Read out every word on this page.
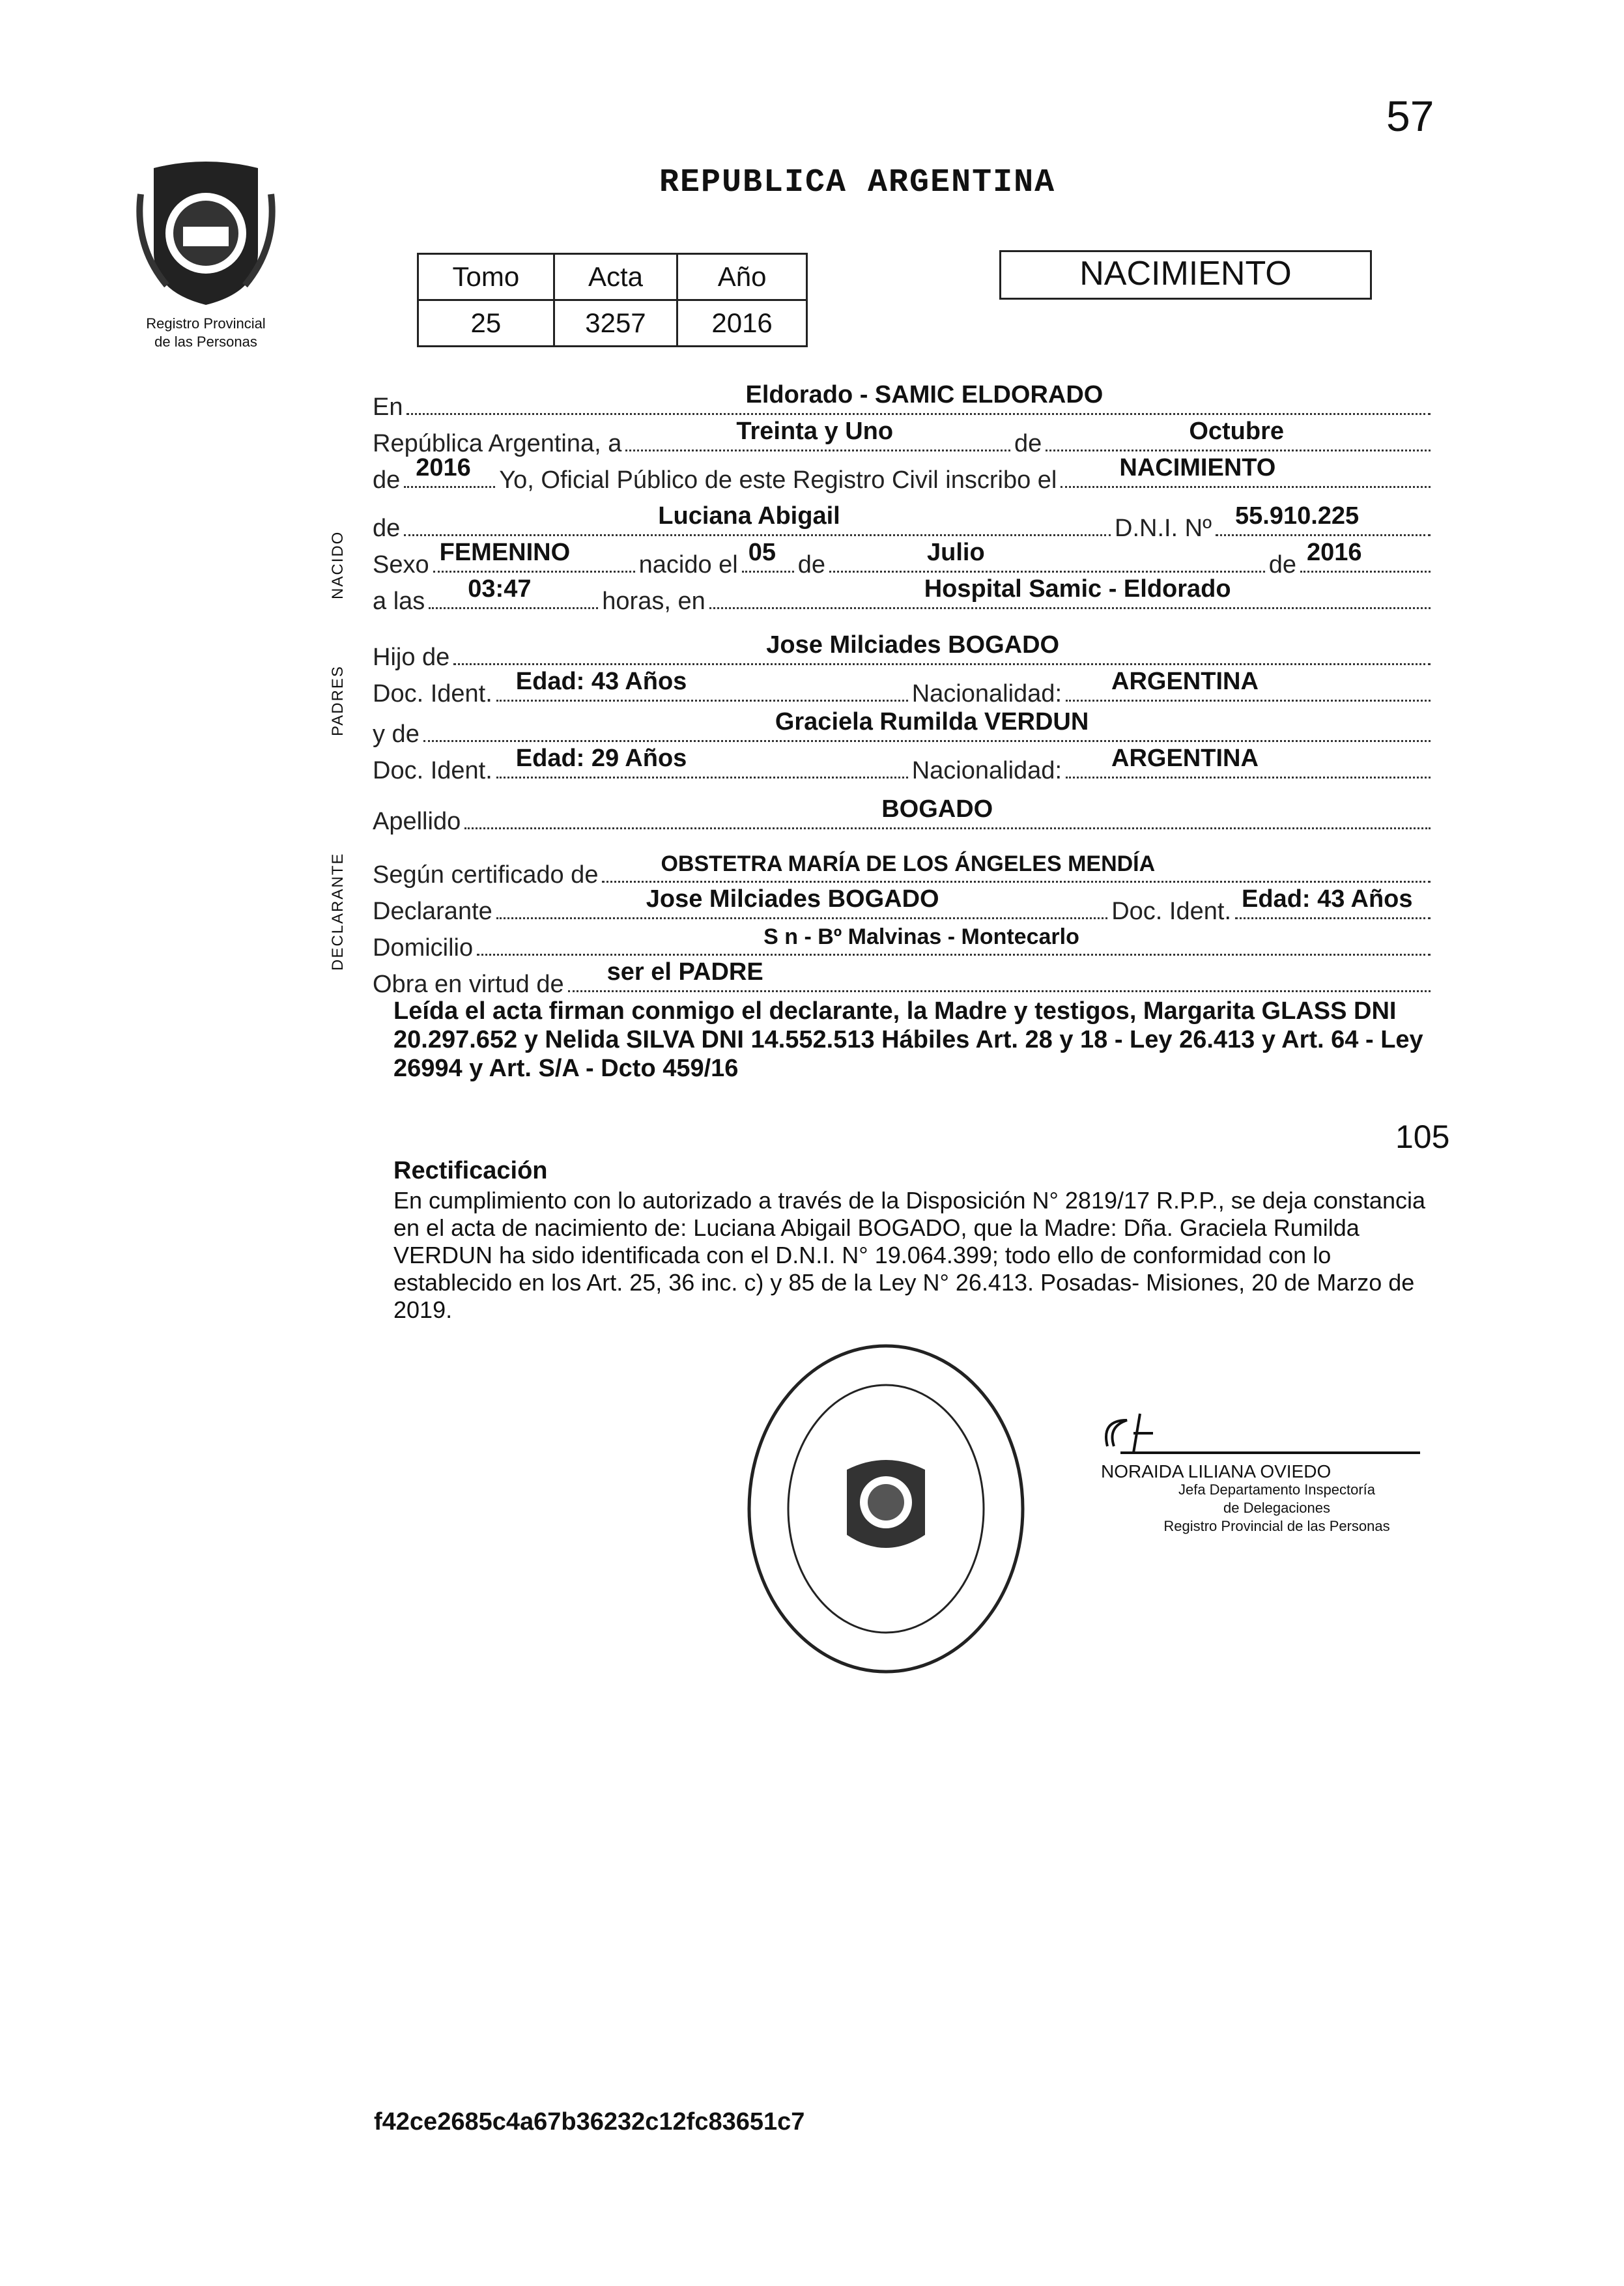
57
Registro Provincial
de las Personas
REPUBLICA ARGENTINA
Tomo	Acta	Año
25	3257	2016
NACIMIENTO
NACIDO
PADRES
DECLARANTE
En	Eldorado - SAMIC ELDORADO
República Argentina, a	Treinta y Uno	de	Octubre
de 2016 Yo, Oficial Público de este Registro Civil inscribo el	NACIMIENTO
de	Luciana Abigail	D.N.I. Nº 55.910.225
Sexo FEMENINO	nacido el 05 de	Julio	de 2016
a las 03:47	horas, en	Hospital Samic - Eldorado
Hijo de	Jose Milciades BOGADO
Doc. Ident. Edad: 43 Años	Nacionalidad: ARGENTINA
y de	Graciela Rumilda VERDUN
Doc. Ident. Edad: 29 Años	Nacionalidad: ARGENTINA
Apellido	BOGADO
Según certificado de	OBSTETRA MARÍA DE LOS ÁNGELES MENDÍA
Declarante	Jose Milciades BOGADO	Doc. Ident. Edad: 43 Años
Domicilio	S n - Bº Malvinas - Montecarlo
Obra en virtud de ser el PADRE
Leída el acta firman conmigo el declarante, la Madre y testigos, Margarita GLASS DNI 20.297.652 y Nelida SILVA DNI 14.552.513 Hábiles Art. 28 y 18 - Ley 26.413 y Art. 64 - Ley 26994 y Art. S/A - Dcto 459/16
105
Rectificación
En cumplimiento con lo autorizado a través de la Disposición N° 2819/17 R.P.P., se deja constancia en el acta de nacimiento de: Luciana Abigail BOGADO, que la Madre: Dña. Graciela Rumilda VERDUN ha sido identificada con el D.N.I. N° 19.064.399; todo ello de conformidad con lo establecido en los Art. 25, 36 inc. c) y 85 de la Ley N° 26.413. Posadas- Misiones, 20 de Marzo de 2019.
NORAIDA LILIANA OVIEDO
Jefa Departamento Inspectoría
de Delegaciones
Registro Provincial de las Personas
f42ce2685c4a67b36232c12fc83651c7
